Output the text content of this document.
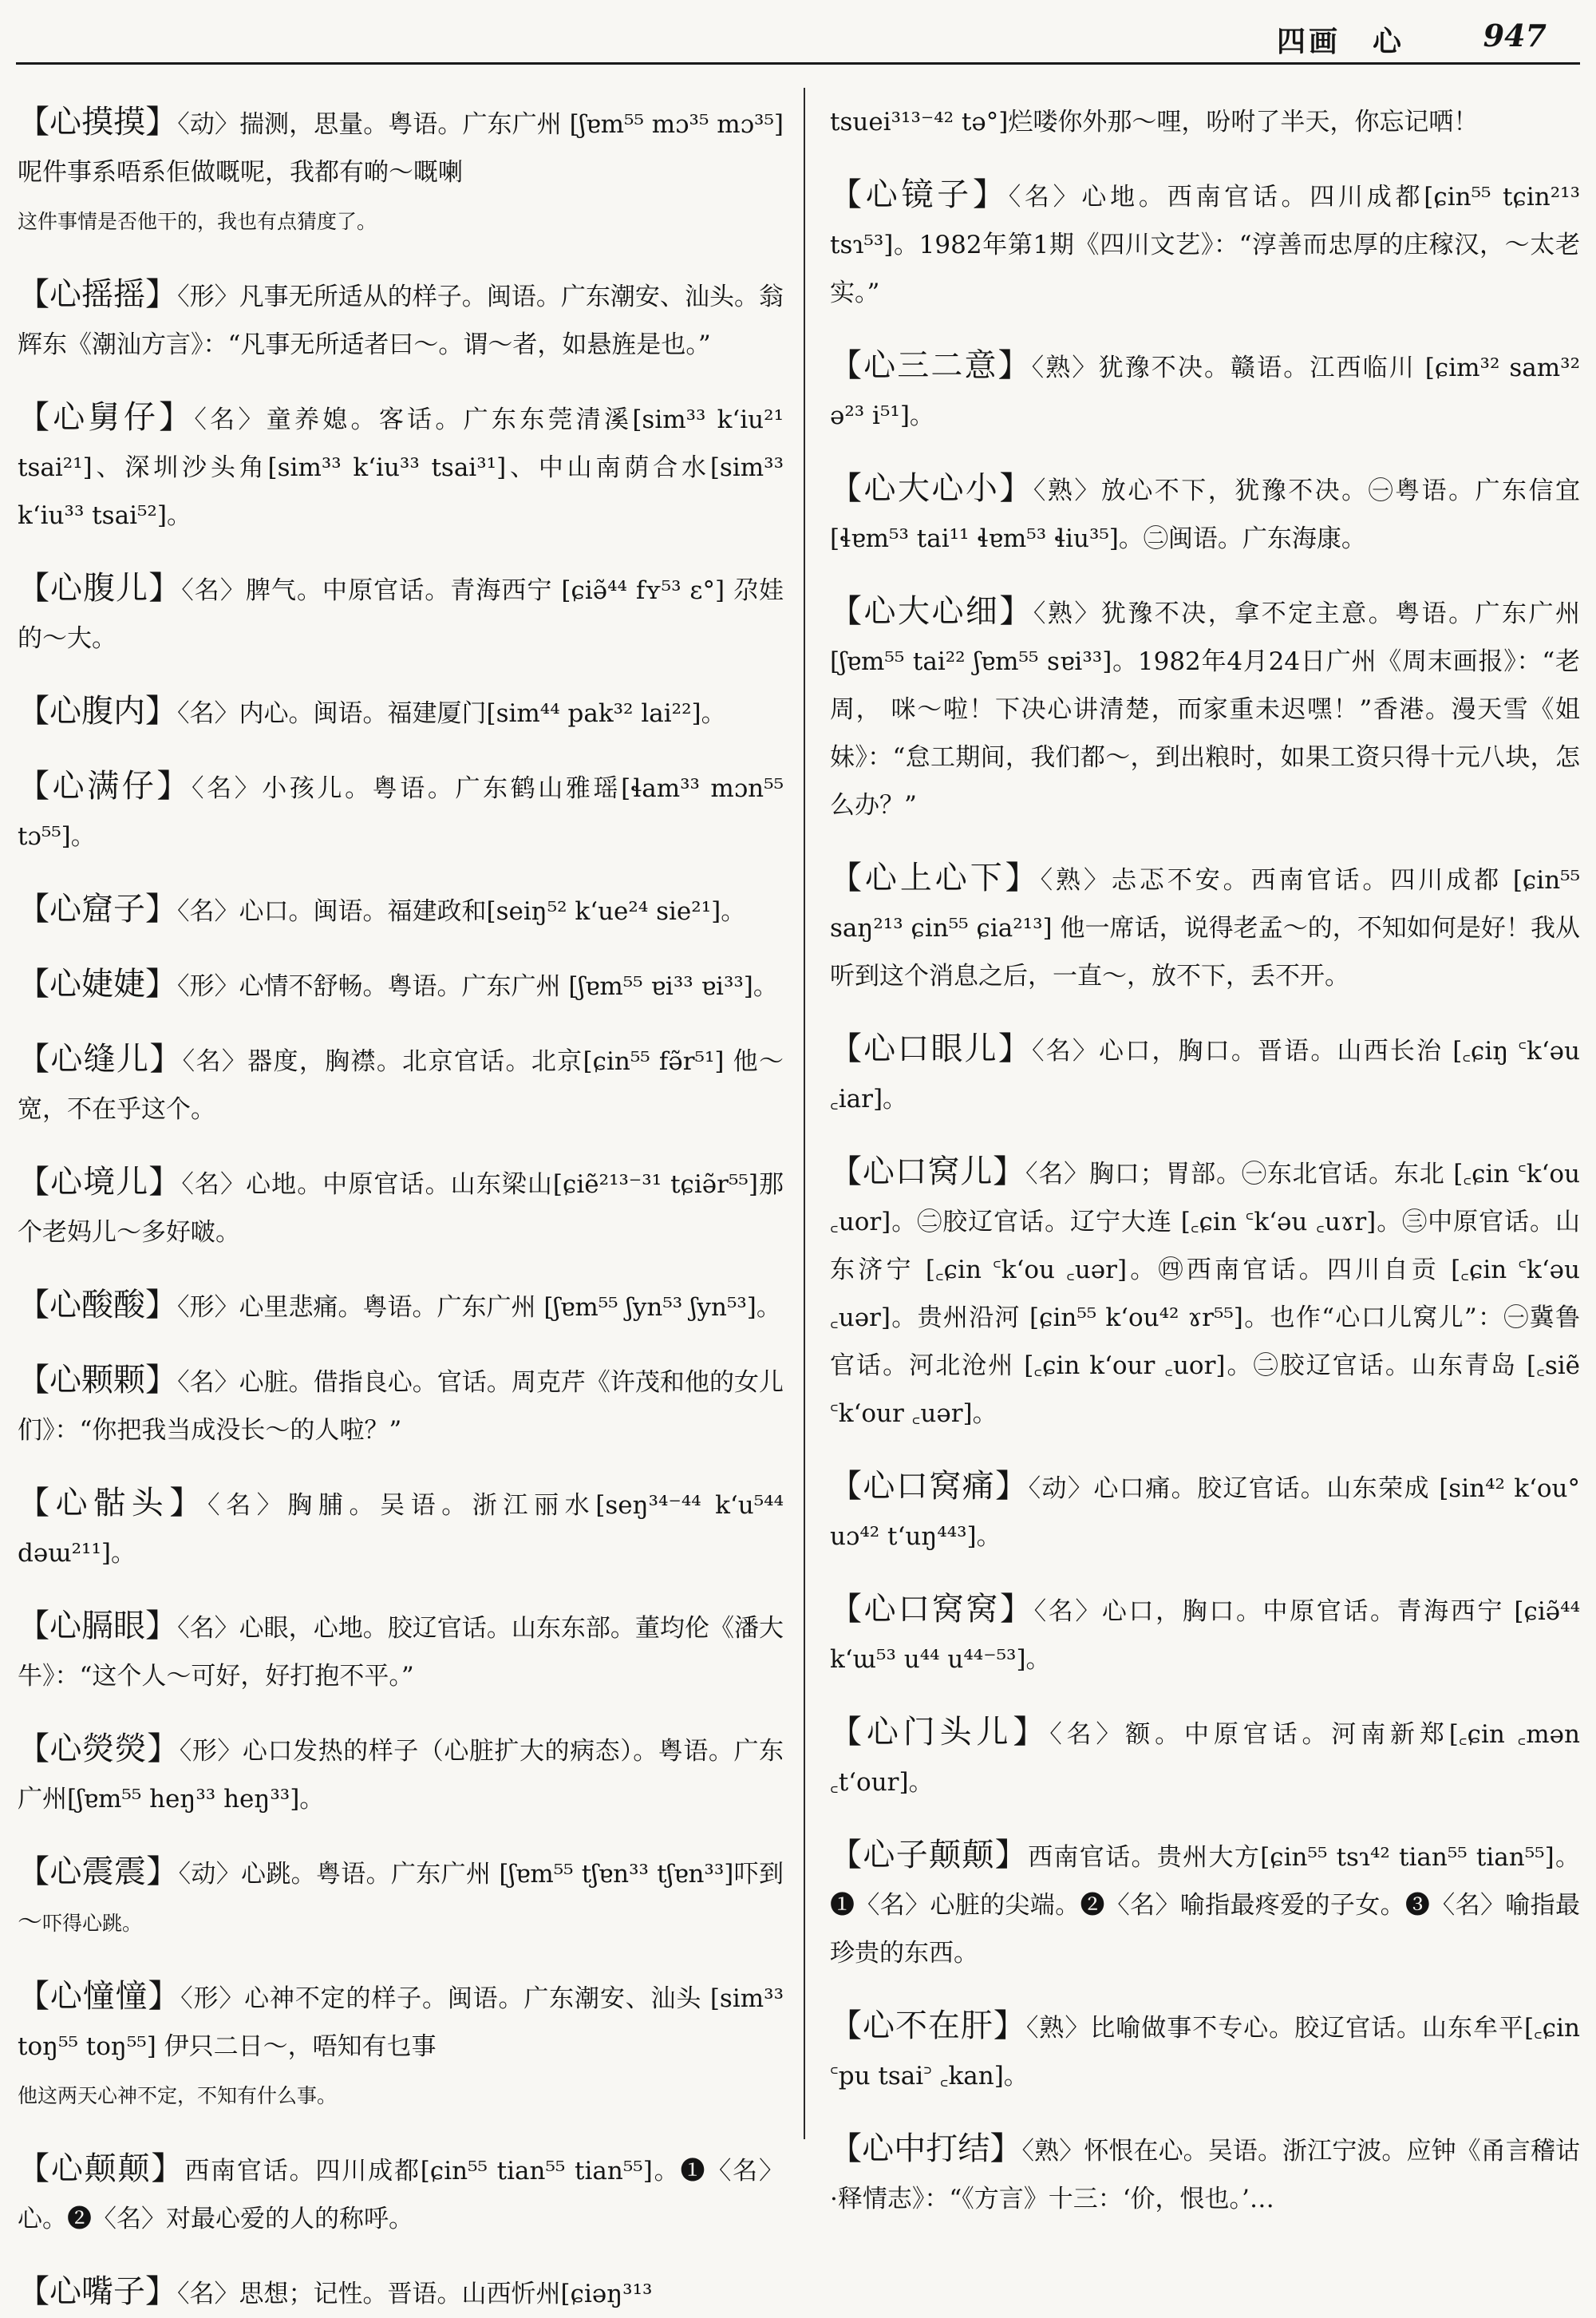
四画　心	947

【心摸摸】〈动〉揣测，思量。粤语。广东广州 [ʃɐm⁵⁵ mɔ³⁵ mɔ³⁵]呢件事系唔系佢做嘅呢，我都有啲～嘅喇
这件事情是否他干的，我也有点猜度了。

【心摇摇】〈形〉凡事无所适从的样子。闽语。广东潮安、汕头。翁辉东《潮汕方言》：“凡事无所适者曰～。谓～者，如悬旌是也。”

【心舅仔】〈名〉童养媳。客话。广东东莞清溪[sim³³ kʻiu²¹ tsai²¹]、深圳沙头角[sim³³ kʻiu³³ tsai³¹]、中山南荫合水[sim³³ kʻiu³³ tsai⁵²]。

【心腹儿】〈名〉脾气。中原官话。青海西宁 [ɕiə̃⁴⁴ fʏ⁵³ ɛ°] 尕娃的～大。

【心腹内】〈名〉内心。闽语。福建厦门[sim⁴⁴ pak³² lai²²]。

【心满仔】〈名〉小孩儿。粤语。广东鹤山雅瑶[ɬam³³ mɔn⁵⁵ tɔ⁵⁵]。

【心窟子】〈名〉心口。闽语。福建政和[seiŋ⁵² kʻue²⁴ sie²¹]。

【心婕婕】〈形〉心情不舒畅。粤语。广东广州 [ʃɐm⁵⁵ ɐi³³ ɐi³³]。

【心缝儿】〈名〉器度，胸襟。北京官话。北京[ɕin⁵⁵ fə̃r⁵¹] 他～宽，不在乎这个。

【心境儿】〈名〉心地。中原官话。山东梁山[ɕiẽ²¹³⁻³¹ tɕiə̃r⁵⁵]那个老妈儿～多好啵。

【心酸酸】〈形〉心里悲痛。粤语。广东广州 [ʃɐm⁵⁵ ʃyn⁵³ ʃyn⁵³]。

【心颗颗】〈名〉心脏。借指良心。官话。周克芹《许茂和他的女儿们》：“你把我当成没长～的人啦？”

【心骷头】〈名〉胸脯。吴语。浙江丽水[seŋ³⁴⁻⁴⁴ kʻu⁵⁴⁴ dəɯ²¹¹]。

【心膈眼】〈名〉心眼，心地。胶辽官话。山东东部。董均伦《潘大牛》：“这个人～可好，好打抱不平。”

【心熒熒】〈形〉心口发热的样子（心脏扩大的病态）。粤语。广东广州[ʃɐm⁵⁵ heŋ³³ heŋ³³]。

【心震震】〈动〉心跳。粤语。广东广州 [ʃɐm⁵⁵ tʃɐn³³ tʃɐn³³]吓到～吓得心跳。

【心憧憧】〈形〉心神不定的样子。闽语。广东潮安、汕头 [sim³³ toŋ⁵⁵ toŋ⁵⁵] 伊只二日～，唔知有乜事
他这两天心神不定，不知有什么事。

【心颠颠】西南官话。四川成都[ɕin⁵⁵ tian⁵⁵ tian⁵⁵]。❶〈名〉心。❷〈名〉对最心爱的人的称呼。

【心嘴子】〈名〉思想；记性。晋语。山西忻州[ɕiəŋ³¹³

tsuei³¹³⁻⁴² tə°]烂喽你外那～哩，吩咐了半天，你忘记哂！

【心镜子】〈名〉心地。西南官话。四川成都[ɕin⁵⁵ tɕin²¹³ tsɿ⁵³]。1982年第1期《四川文艺》：“淳善而忠厚的庄稼汉，～太老实。”

【心三二意】〈熟〉犹豫不决。赣语。江西临川 [ɕim³² sam³² ə²³ i⁵¹]。

【心大心小】〈熟〉放心不下，犹豫不决。㊀粤语。广东信宜[ɬɐm⁵³ tai¹¹ ɬɐm⁵³ ɬiu³⁵]。㊁闽语。广东海康。

【心大心细】〈熟〉犹豫不决，拿不定主意。粤语。广东广州[ʃɐm⁵⁵ tai²² ʃɐm⁵⁵ sɐi³³]。1982年4月24日广州《周末画报》：“老周， 咪～啦！下决心讲清楚，而家重未迟嘿！”香港。漫天雪《姐妹》：“怠工期间，我们都～，到出粮时，如果工资只得十元八块，怎么办？”

【心上心下】〈熟〉忐忑不安。西南官话。四川成都 [ɕin⁵⁵ saŋ²¹³ ɕin⁵⁵ ɕia²¹³] 他一席话，说得老孟～的，不知如何是好！我从听到这个消息之后，一直～，放不下，丢不开。

【心口眼儿】〈名〉心口，胸口。晋语。山西长治 [꜀ɕiŋ ꜂kʻəu ꜀iar]。

【心口窝儿】〈名〉胸口；胃部。㊀东北官话。东北 [꜀ɕin ꜂kʻou ꜀uor]。㊁胶辽官话。辽宁大连 [꜀ɕin ꜂kʻəu ꜀uɤr]。㊂中原官话。山东济宁 [꜀ɕin ꜂kʻou ꜀uər]。㊃西南官话。四川自贡 [꜀ɕin ꜂kʻəu ꜀uər]。贵州沿河 [ɕin⁵⁵ kʻou⁴² ɤr⁵⁵]。也作“心口儿窝儿”：㊀冀鲁官话。河北沧州 [꜀ɕin kʻour ꜀uor]。㊁胶辽官话。山东青岛 [꜀siẽ ꜂kʻour ꜀uər]。

【心口窝痛】〈动〉心口痛。胶辽官话。山东荣成 [sin⁴² kʻou° uɔ⁴² tʻuŋ⁴⁴³]。

【心口窝窝】〈名〉心口，胸口。中原官话。青海西宁 [ɕiə̃⁴⁴ kʻɯ⁵³ u⁴⁴ u⁴⁴⁻⁵³]。

【心门头儿】〈名〉额。中原官话。河南新郑[꜀ɕin ꜀mən ꜀tʻour]。

【心子颠颠】西南官话。贵州大方[ɕin⁵⁵ tsɿ⁴² tian⁵⁵ tian⁵⁵]。❶〈名〉心脏的尖端。❷〈名〉喻指最疼爱的子女。❸〈名〉喻指最珍贵的东西。

【心不在肝】〈熟〉比喻做事不专心。胶辽官话。山东牟平[꜀ɕin ꜂pu tsai꜄ ꜀kan]。

【心中打结】〈熟〉怀恨在心。吴语。浙江宁波。应钟《甬言稽诂·释情志》：“《方言》十三：‘价，恨也。’…
